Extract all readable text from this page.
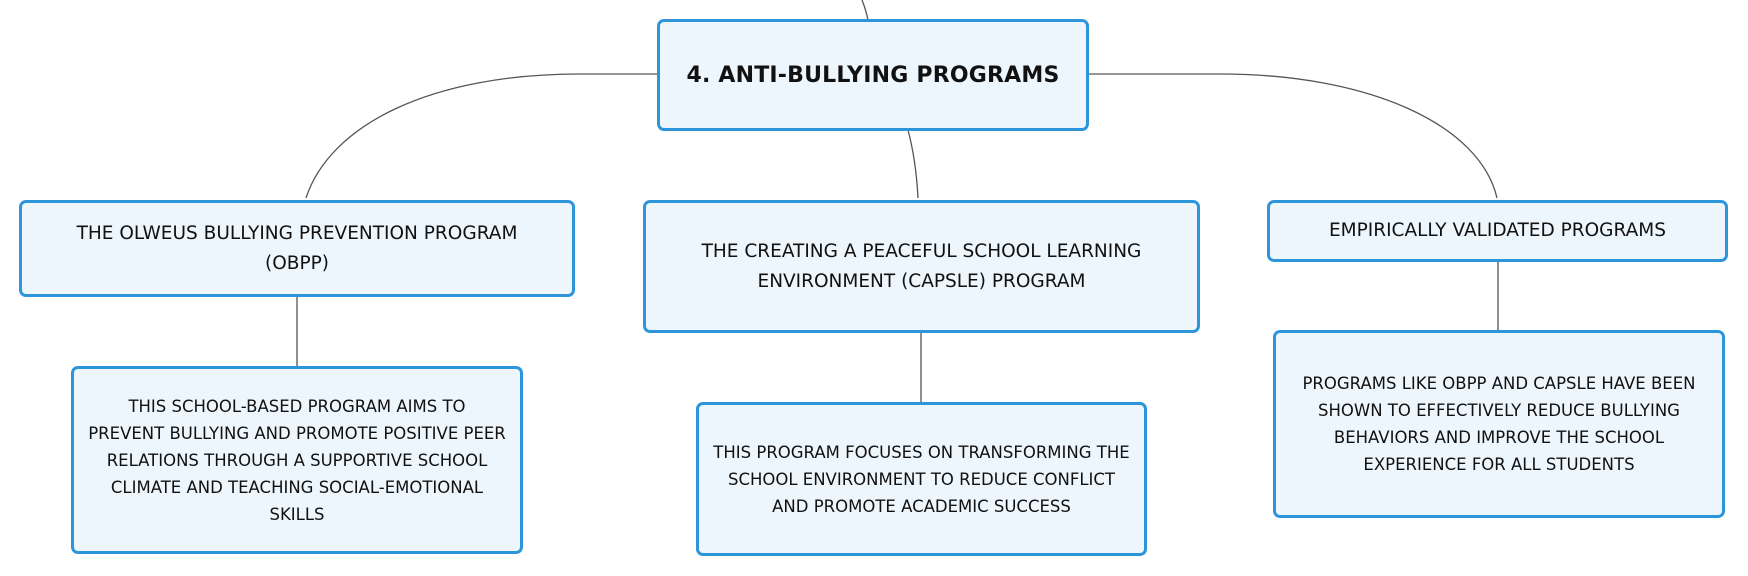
4. ANTI-BULLYING PROGRAMS
THE OLWEUS BULLYING PREVENTION PROGRAM (OBPP)
THIS SCHOOL-BASED PROGRAM AIMS TO PREVENT BULLYING AND PROMOTE POSITIVE PEER RELATIONS THROUGH A SUPPORTIVE SCHOOL CLIMATE AND TEACHING SOCIAL-EMOTIONAL SKILLS
THE CREATING A PEACEFUL SCHOOL LEARNING ENVIRONMENT (CAPSLE) PROGRAM
THIS PROGRAM FOCUSES ON TRANSFORMING THE SCHOOL ENVIRONMENT TO REDUCE CONFLICT AND PROMOTE ACADEMIC SUCCESS
EMPIRICALLY VALIDATED PROGRAMS
PROGRAMS LIKE OBPP AND CAPSLE HAVE BEEN SHOWN TO EFFECTIVELY REDUCE BULLYING BEHAVIORS AND IMPROVE THE SCHOOL EXPERIENCE FOR ALL STUDENTS
